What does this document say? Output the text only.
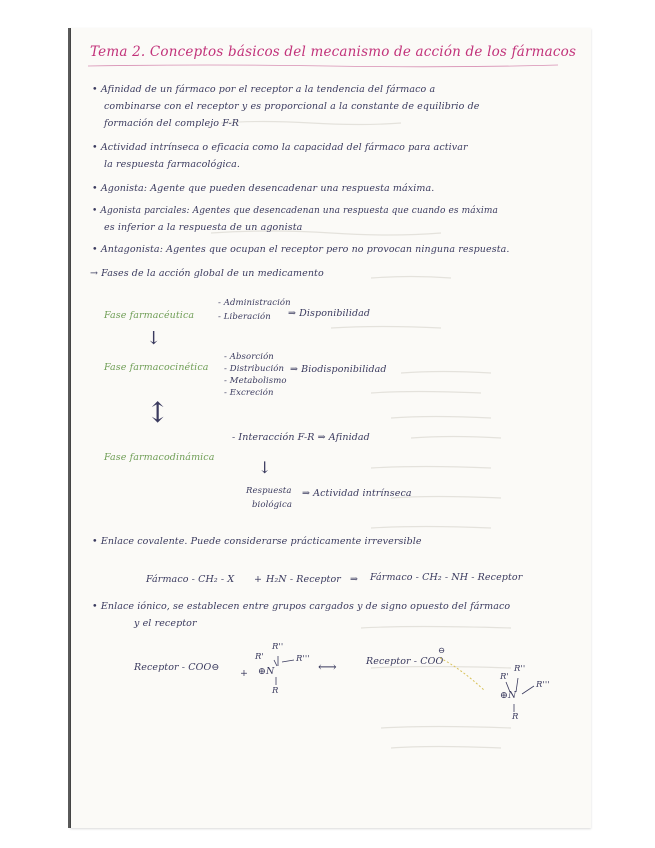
Tema 2. Conceptos básicos del mecanismo de acción de los fármacos
• Afinidad de un fármaco por el receptor a la tendencia del fármaco a
combinarse con el receptor y es proporcional a la constante de equilibrio de
formación del complejo F-R
• Actividad intrínseca o eficacia como la capacidad del fármaco para activar
la respuesta farmacológica.
• Agonista: Agente que pueden desencadenar una respuesta máxima.
• Agonista parciales: Agentes que desencadenan una respuesta que cuando es máxima
es inferior a la respuesta de un agonista
• Antagonista: Agentes que ocupan el receptor pero no provocan ninguna respuesta.
→ Fases de la acción global de un medicamento
Fase farmacéutica
- Administración
- Liberación ⇒ Disponibilidad
↓
Fase farmacocinética
- Absorción
- Distribución
- Metabolismo
- Excreción
⇒ Biodisponibilidad
↕
Fase farmacodinámica
- Interacción F-R ⇒ Afinidad
↓
Respuesta
biológica
⇒ Actividad intrínseca
• Enlace covalente. Puede considerarse prácticamente irreversible
Fármaco - CH₂ - X + H₂N - Receptor ⇒ Fármaco - CH₂ - NH - Receptor
• Enlace iónico, se establecen entre grupos cargados y de signo opuesto del fármaco
y el receptor
Receptor - COO⊖
+
R'
R''
R'''
⊕N
R
⟷	Receptor - COO
⊖
R'
R''
R'''
⊕N
R
